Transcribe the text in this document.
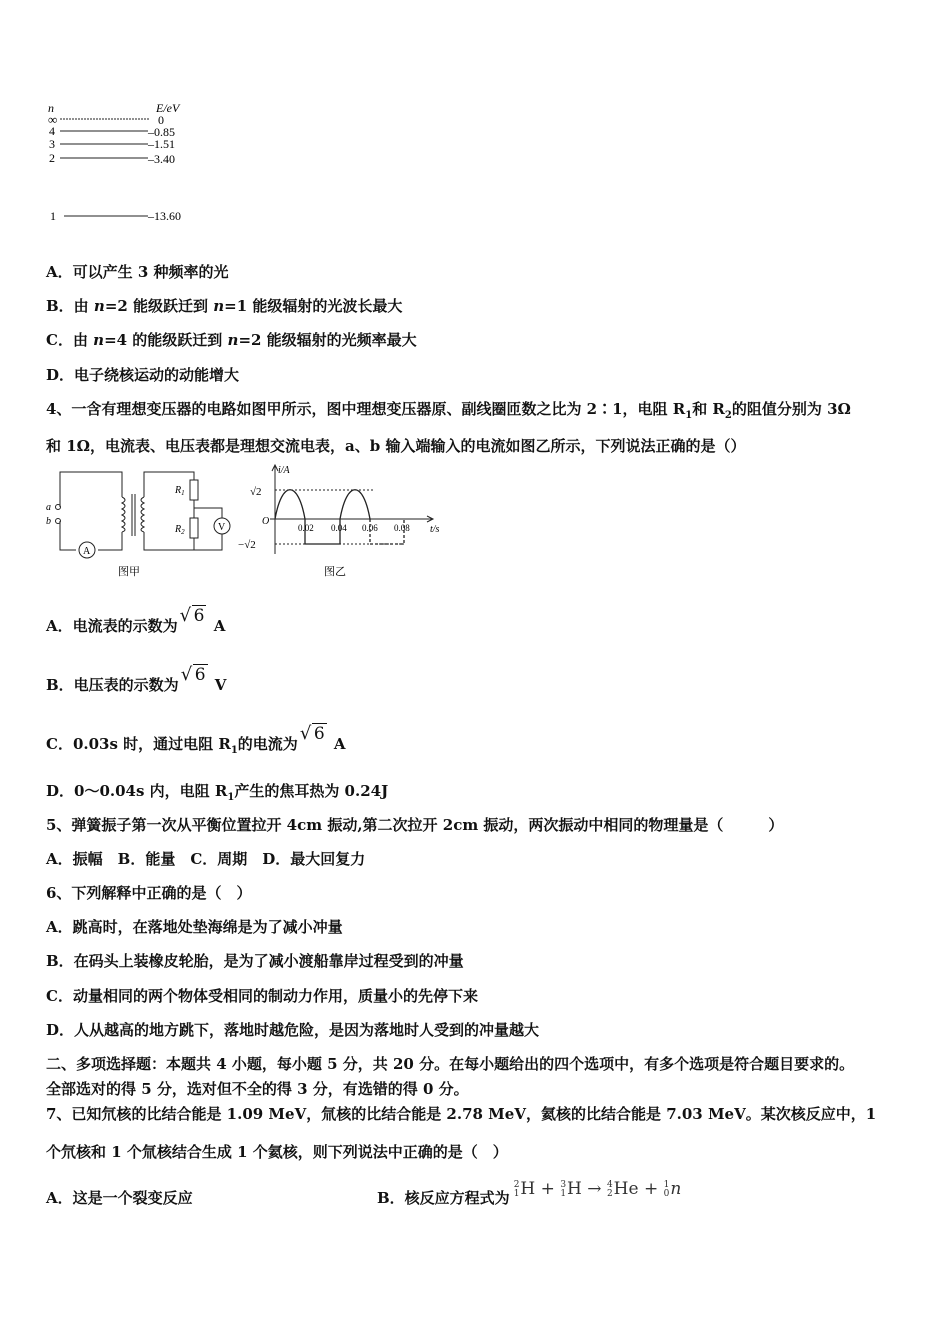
n	E/eV
∞	0
4	–0.85
3	–1.51
2	–3.40
1	–13.60
A．可以产生 3 种频率的光
B．由 n=2 能级跃迁到 n=1 能级辐射的光波长最大
C．由 n=4 的能级跃迁到 n=2 能级辐射的光频率最大
D．电子绕核运动的动能增大
4、一含有理想变压器的电路如图甲所示，图中理想变压器原、副线圈匝数之比为 2∶1，电阻 $R_1$和 $R_2$的阻值分别为 3Ω
和 1Ω，电流表、电压表都是理想交流电表，a、b 输入端输入的电流如图乙所示，下列说法正确的是（）
a
b
A
$R_1$
$R_2$	V
图甲
i/A
t/s
O
√2
−√2
0.02 0.04 0.06 0.08
图乙
A．电流表的示数为 √ 6 A
B．电压表的示数为 √ 6 V
C．0.03s 时，通过电阻 $R_1$的电流为 √ 6 A
D．0～0.04s 内，电阻 $R_1$产生的焦耳热为 0.24J
5、弹簧振子第一次从平衡位置拉开 4cm 振动,第二次拉开 2cm 振动，两次振动中相同的物理量是（　　　）
A．振幅　B．能量　C．周期　D．最大回复力
6、下列解释中正确的是（　）
A．跳高时，在落地处垫海绵是为了减小冲量
B．在码头上装橡皮轮胎，是为了减小渡船靠岸过程受到的冲量
C．动量相同的两个物体受相同的制动力作用，质量小的先停下来
D．人从越高的地方跳下，落地时越危险，是因为落地时人受到的冲量越大
二、多项选择题：本题共 4 小题，每小题 5 分，共 20 分。在每小题给出的四个选项中，有多个选项是符合题目要求的。
全部选对的得 5 分，选对但不全的得 3 分，有选错的得 0 分。
7、已知氘核的比结合能是 1.09 MeV，氚核的比结合能是 2.78 MeV，氦核的比结合能是 7.03 MeV。某次核反应中，1
个氘核和 1 个氚核结合生成 1 个氦核，则下列说法中正确的是（　）
A．这是一个裂变反应	B．核反应方程式为
2
1 H + 3
1 H → 4
2 He + 1
0 n
